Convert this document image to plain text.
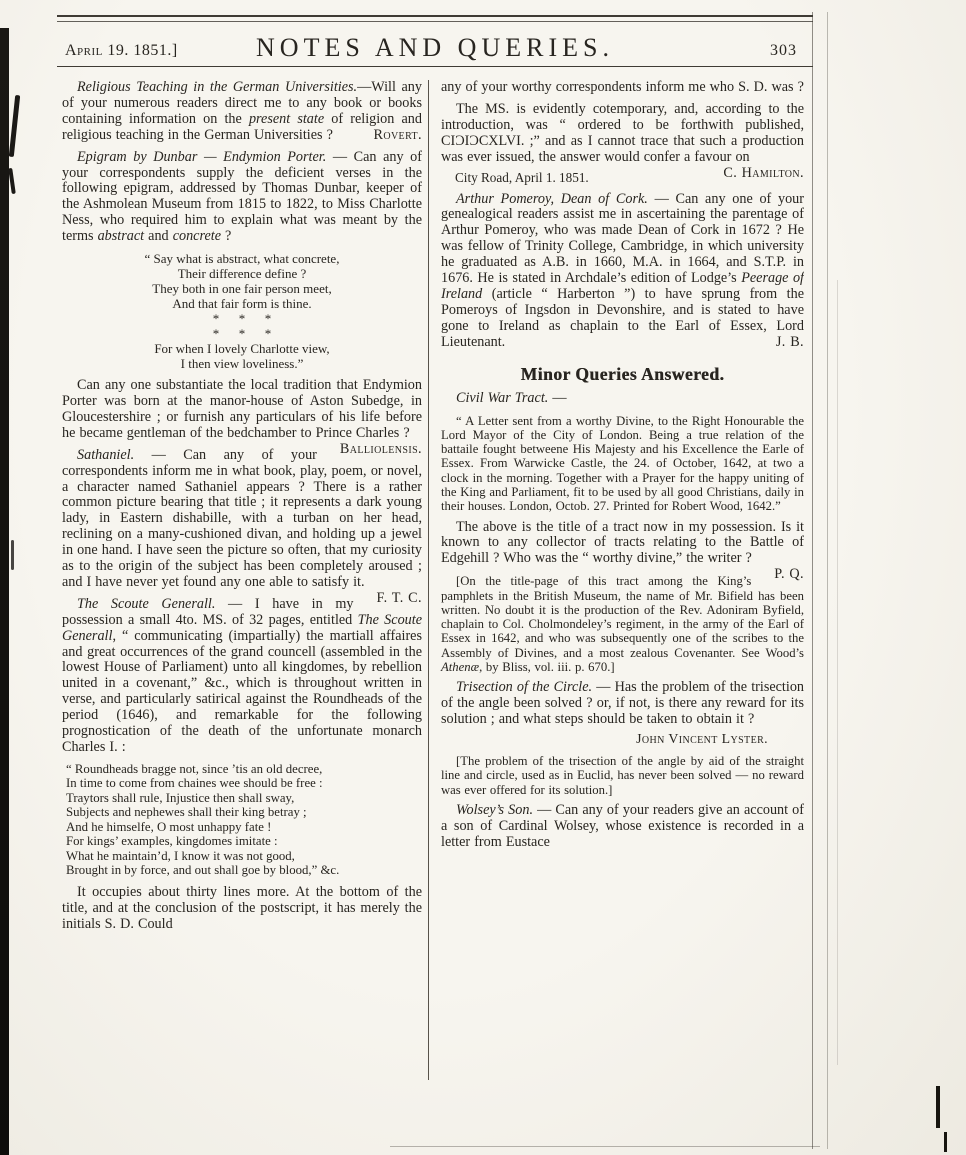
April 19. 1851.]	NOTES AND QUERIES.	303

Religious Teaching in the German Universities.—Will any of your numerous readers direct me to any book or books containing information on the present state of religion and religious teaching in the German Universities ?	Rovert.

Epigram by Dunbar — Endymion Porter. — Can any of your correspondents supply the deficient verses in the following epigram, addressed by Thomas Dunbar, keeper of the Ashmolean Museum from 1815 to 1822, to Miss Charlotte Ness, who required him to explain what was meant by the terms abstract and concrete ?

“ Say what is abstract, what concrete,
Their difference define ?
They both in one fair person meet,
And that fair form is thine.
*   *   *
*   *   *
For when I lovely Charlotte view,
I then view loveliness.”

Can any one substantiate the local tradition that Endymion Porter was born at the manor-house of Aston Subedge, in Gloucestershire ; or furnish any particulars of his life before he became gentleman of the bedchamber to Prince Charles ?
Balliolensis.

Sathaniel. — Can any of your correspondents inform me in what book, play, poem, or novel, a character named Sathaniel appears ? There is a rather common picture bearing that title ; it represents a dark young lady, in Eastern dishabille, with a turban on her head, reclining on a many-cushioned divan, and holding up a jewel in one hand. I have seen the picture so often, that my curiosity as to the origin of the subject has been completely aroused ; and I have never yet found any one able to satisfy it.
F. T. C.

The Scoute Generall. — I have in my possession a small 4to. MS. of 32 pages, entitled The Scoute Generall, “ communicating (impartially) the martiall affaires and great occurrences of the grand councell (assembled in the lowest House of Parliament) unto all kingdomes, by rebellion united in a covenant,” &c., which is throughout written in verse, and particularly satirical against the Roundheads of the period (1646), and remarkable for the following prognostication of the death of the unfortunate monarch Charles I. :

“ Roundheads bragge not, since ’tis an old decree,
In time to come from chaines wee should be free :
Traytors shall rule, Injustice then shall sway,
Subjects and nephewes shall their king betray ;
And he himselfe, O most unhappy fate !
For kings’ examples, kingdomes imitate :
What he maintain’d, I know it was not good,
Brought in by force, and out shall goe by blood,” &c.

It occupies about thirty lines more. At the bottom of the title, and at the conclusion of the postscript, it has merely the initials S. D. Could

any of your worthy correspondents inform me who S. D. was ?

The MS. is evidently cotemporary, and, according to the introduction, was “ ordered to be forthwith published, CIƆIƆCXLVI. ;” and as I cannot trace that such a production was ever issued, the answer would confer a favour on
C. Hamilton.

City Road, April 1. 1851.

Arthur Pomeroy, Dean of Cork. — Can any one of your genealogical readers assist me in ascertaining the parentage of Arthur Pomeroy, who was made Dean of Cork in 1672 ? He was fellow of Trinity College, Cambridge, in which university he graduated as A.B. in 1660, M.A. in 1664, and S.T.P. in 1676. He is stated in Archdale’s edition of Lodge’s Peerage of Ireland (article “ Harberton ”) to have sprung from the Pomeroys of Ingsdon in Devonshire, and is stated to have gone to Ireland as chaplain to the Earl of Essex, Lord Lieutenant.	J. B.

Minor Queries Answered.

Civil War Tract. —

“ A Letter sent from a worthy Divine, to the Right Honourable the Lord Mayor of the City of London. Being a true relation of the battaile fought betweene His Majesty and his Excellence the Earle of Essex. From Warwicke Castle, the 24. of October, 1642, at two a clock in the morning. Together with a Prayer for the happy uniting of the King and Parliament, fit to be used by all good Christians, daily in their houses. London, Octob. 27. Printed for Robert Wood, 1642.”

The above is the title of a tract now in my possession. Is it known to any collector of tracts relating to the Battle of Edgehill ? Who was the “ worthy divine,” the writer ?
P. Q.

[On the title-page of this tract among the King’s pamphlets in the British Museum, the name of Mr. Bifield has been written. No doubt it is the production of the Rev. Adoniram Byfield, chaplain to Col. Cholmondeley’s regiment, in the army of the Earl of Essex in 1642, and who was subsequently one of the scribes to the Assembly of Divines, and a most zealous Covenanter. See Wood’s Athenæ, by Bliss, vol. iii. p. 670.]

Trisection of the Circle. — Has the problem of the trisection of the angle been solved ? or, if not, is there any reward for its solution ; and what steps should be taken to obtain it ?

John Vincent Lyster.

[The problem of the trisection of the angle by aid of the straight line and circle, used as in Euclid, has never been solved — no reward was ever offered for its solution.]

Wolsey’s Son. — Can any of your readers give an account of a son of Cardinal Wolsey, whose existence is recorded in a letter from Eustace
